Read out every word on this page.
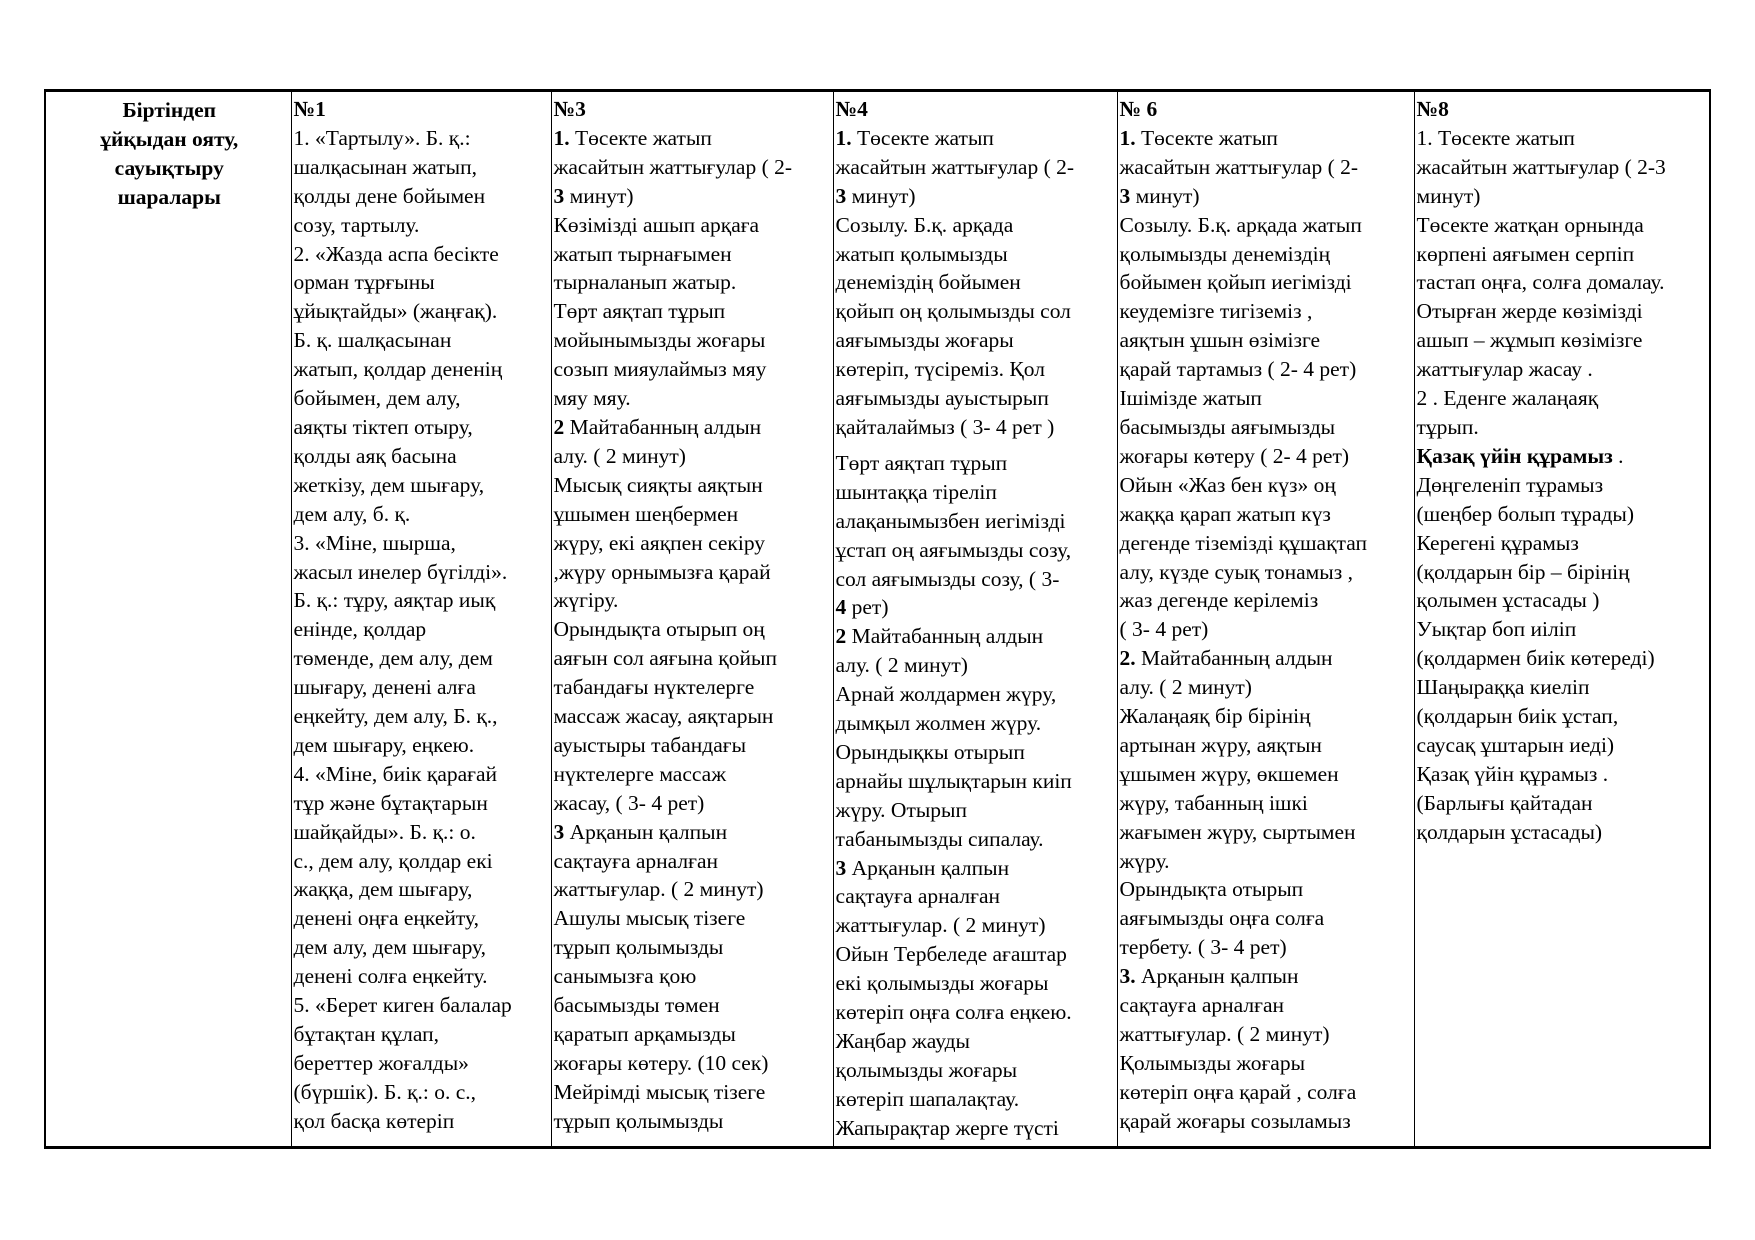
Біртіндеп
ұйқыдан ояту,
сауықтыру
шаралары

№1
1. «Тартылу». Б. қ.:
шалқасынан жатып,
қолды дене бойымен
созу, тартылу.
2. «Жазда аспа бесікте
орман тұрғыны
ұйықтайды» (жаңғақ).
Б. қ. шалқасынан
жатып, қолдар дененің
бойымен, дем алу,
аяқты тіктеп отыру,
қолды аяқ басына
жеткізу, дем шығару,
дем алу, б. қ.
3. «Міне, шырша,
жасыл инелер бүгілді».
Б. қ.: тұру, аяқтар иық
енінде, қолдар
төменде, дем алу, дем
шығару, денені алға
еңкейту, дем алу, Б. қ.,
дем шығару, еңкею.
4. «Міне, биік қарағай
тұр және бұтақтарын
шайқайды». Б. қ.: о.
с., дем алу, қолдар екі
жаққа, дем шығару,
денені оңға еңкейту,
дем алу, дем шығару,
денені солға еңкейту.
5. «Берет киген балалар
бұтақтан құлап,
береттер жоғалды»
(бүршік). Б. қ.: о. с.,
қол басқа көтеріп

№3
1. Төсекте жатып
жасайтын жаттығулар ( 2-
3 минут)
Көзімізді ашып арқаға
жатып тырнағымен
тырналанып жатыр.
Төрт аяқтап тұрып
мойынымызды жоғары
созып мияулаймыз мяу
мяу мяу.
2 Майтабанның алдын
алу. ( 2 минут)
Мысық сияқты аяқтын
ұшымен шеңбермен
жүру, екі аяқпен секіру
,жүру орнымызға қарай
жүгіру.
Орындықта отырып оң
аяғын сол аяғына қойып
табандағы нүктелерге
массаж жасау, аяқтарын
ауыстыры табандағы
нүктелерге массаж
жасау, ( 3- 4 рет)
3 Арқанын қалпын
сақтауға арналған
жаттығулар. ( 2 минут)
Ашулы мысық тізеге
тұрып қолымызды
санымызға қою
басымызды төмен
қаратып арқамызды
жоғары көтеру. (10 сек)
Мейрімді мысық тізеге
тұрып қолымызды

№4
1. Төсекте жатып
жасайтын жаттығулар ( 2-
3 минут)
Созылу. Б.қ. арқада
жатып қолымызды
денеміздің бойымен
қойып оң қолымызды сол
аяғымызды жоғары
көтеріп, түсіреміз. Қол
аяғымызды ауыстырып
қайталаймыз ( 3- 4 рет )
Төрт аяқтап тұрып
шынтаққа тіреліп
алақанымызбен иегімізді
ұстап оң аяғымызды созу,
сол аяғымызды созу, ( 3-
4 рет)
2 Майтабанның алдын
алу. ( 2 минут)
Арнай жолдармен жүру,
дымқыл жолмен жүру.
Орындықкы отырып
арнайы шұлықтарын киіп
жүру. Отырып
табанымызды сипалау.
3 Арқанын қалпын
сақтауға арналған
жаттығулар. ( 2 минут)
Ойын Тербеледе ағаштар
екі қолымызды жоғары
көтеріп оңға солға еңкею.
Жаңбар жауды
қолымызды жоғары
көтеріп шапалақтау.
Жапырақтар жерге түсті

№ 6
1. Төсекте жатып
жасайтын жаттығулар ( 2-
3 минут)
Созылу. Б.қ. арқада жатып
қолымызды денеміздің
бойымен қойып иегімізді
кеудемізге тигіземіз ,
аяқтын ұшын өзімізге
қарай тартамыз ( 2- 4 рет)
Ішімізде жатып
басымызды аяғымызды
жоғары көтеру ( 2- 4 рет)
Ойын «Жаз бен күз» оң
жаққа қарап жатып күз
дегенде тіземізді құшақтап
алу, күзде суық тонамыз ,
жаз дегенде керілеміз
( 3- 4 рет)
2. Майтабанның алдын
алу. ( 2 минут)
Жалаңаяқ бір бірінің
артынан жүру, аяқтын
ұшымен жүру, өкшемен
жүру, табанның ішкі
жағымен жүру, сыртымен
жүру.
Орындықта отырып
аяғымызды оңға солға
тербету. ( 3- 4 рет)
3. Арқанын қалпын
сақтауға арналған
жаттығулар. ( 2 минут)
Қолымызды жоғары
көтеріп оңға қарай , солға
қарай жоғары созыламыз

№8
1. Төсекте жатып
жасайтын жаттығулар ( 2-3
минут)
Төсекте жатқан орнында
көрпені аяғымен серпіп
тастап оңға, солға домалау.
Отырған жерде көзімізді
ашып – жұмып көзімізге
жаттығулар жасау .
2 . Еденге жалаңаяқ
тұрып.
Қазақ үйін құрамыз .
Дөңгеленіп тұрамыз
(шеңбер болып тұрады)
Керегені құрамыз
(қолдарын бір – бірінің
қолымен ұстасады )
Уықтар боп иіліп
(қолдармен биік көтереді)
Шаңыраққа киеліп
(қолдарын биік ұстап,
саусақ ұштарын иеді)
Қазақ үйін құрамыз .
(Барлығы қайтадан
қолдарын ұстасады)
